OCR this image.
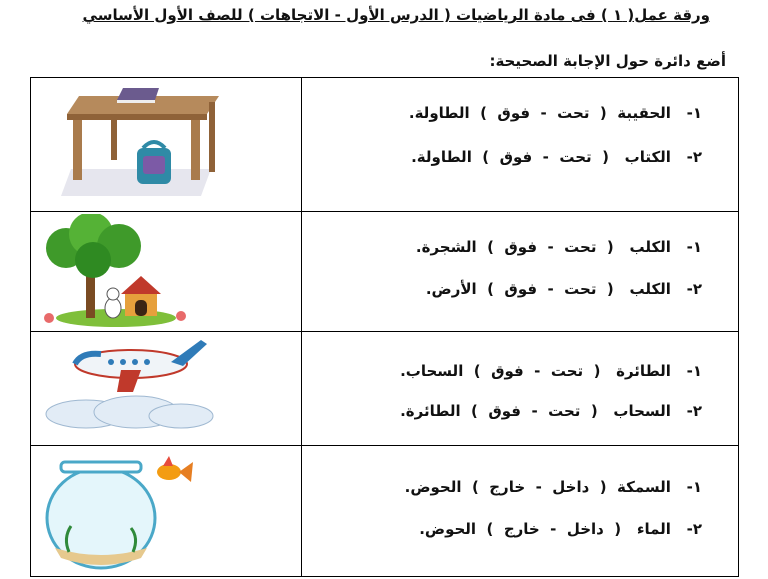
ورقة عمل( ١ ) فى مادة الرياضيات ( الدرس الأول - الاتجاهات ) للصف الأول الأساسي
أضع دائرة حول الإجابة الصحيحة:
١-   الحقيبة  (  تحت  -  فوق  )  الطاولة.
٢-   الكتاب   (  تحت  -  فوق  )  الطاولة.
١-   الكلب   (  تحت  -  فوق  )  الشجرة.
٢-   الكلب   (  تحت  -  فوق  )  الأرض.
١-   الطائرة   (  تحت  -  فوق  )  السحاب.
٢-   السحاب   (  تحت  -  فوق  )  الطائرة.
١-   السمكة  (  داخل  -  خارج  )  الحوض.
٢-   الماء   (  داخل  -  خارج  )  الحوض.
